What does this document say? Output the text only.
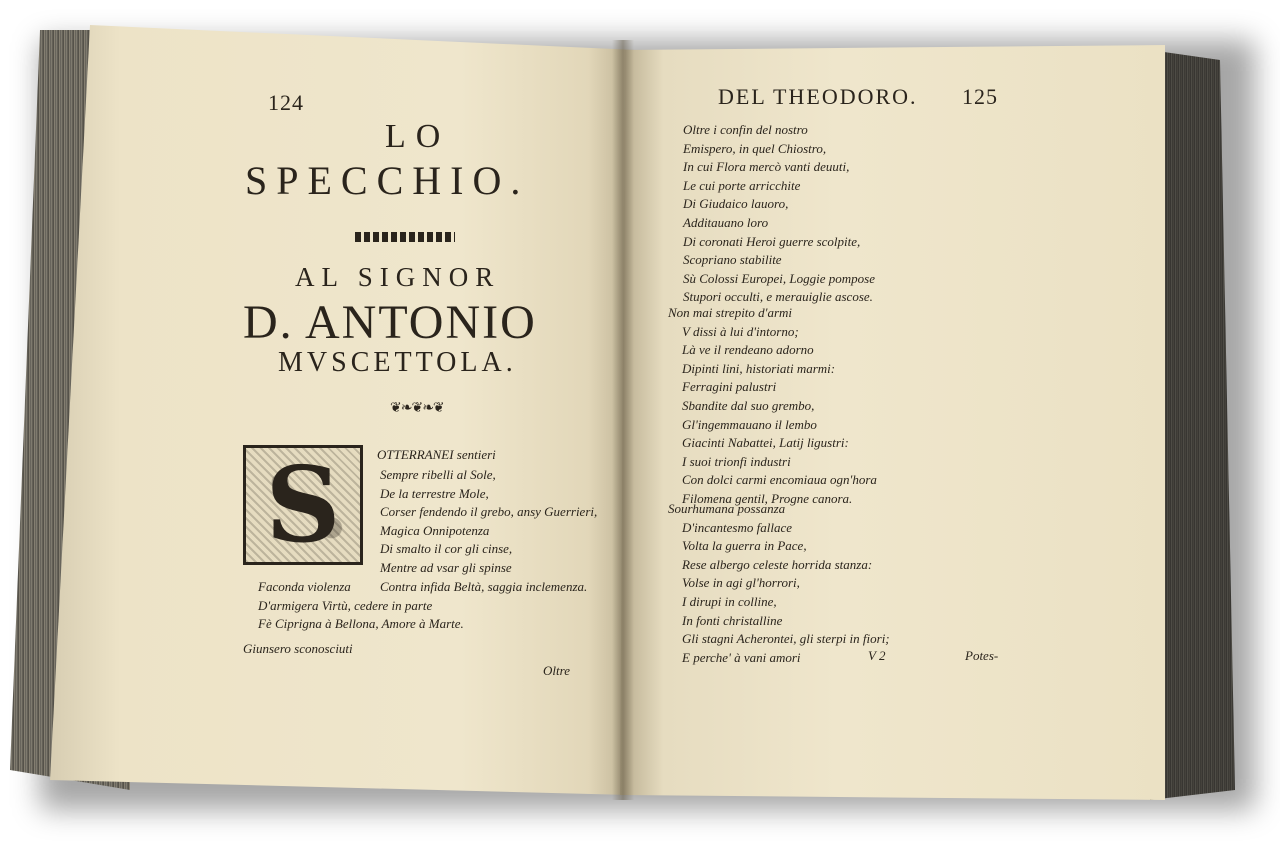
124
LO
SPECCHIO.
AL SIGNOR
D. ANTONIO
MVSCETTOLA.
❦❧❦❧❦
S	OTTERRANEI sentieri
Sempre ribelli al Sole,
De la terrestre Mole,
Corser fendendo il grebo, ansy Guerrieri,
Magica Onnipotenza
Di smalto il cor gli cinse,
Mentre ad vsar gli spinse
Contra infida Beltà, saggia inclemenza.
Faconda violenza
D'armigera Virtù, cedere in parte
Fè Ciprigna à Bellona, Amore à Marte.
Giunsero sconosciuti
Oltre
DEL THEODORO. 125
Oltre i confin del nostro
Emispero, in quel Chiostro,
In cui Flora mercò vanti deuuti,
Le cui porte arricchite
Di Giudaico lauoro,
Additauano loro
Di coronati Heroi guerre scolpite,
Scopriano stabilite
Sù Colossi Europei, Loggie pompose
Stupori occulti, e merauiglie ascose.
Non mai strepito d'armi
V dissi à lui d'intorno;
Là ve il rendeano adorno
Dipinti lini, historiati marmi:
Ferragini palustri
Sbandite dal suo grembo,
Gl'ingemmauano il lembo
Giacinti Nabattei, Latij ligustri:
I suoi trionfi industri
Con dolci carmi encomiaua ogn'hora
Filomena gentil, Progne canora.
Sourhumana possanza
D'incantesmo fallace
Volta la guerra in Pace,
Rese albergo celeste horrida stanza:
Volse in agi gl'horrori,
I dirupi in colline,
In fonti christalline
Gli stagni Acherontei, gli sterpi in fiori;
E perche' à vani amori	V 2	Potes-
